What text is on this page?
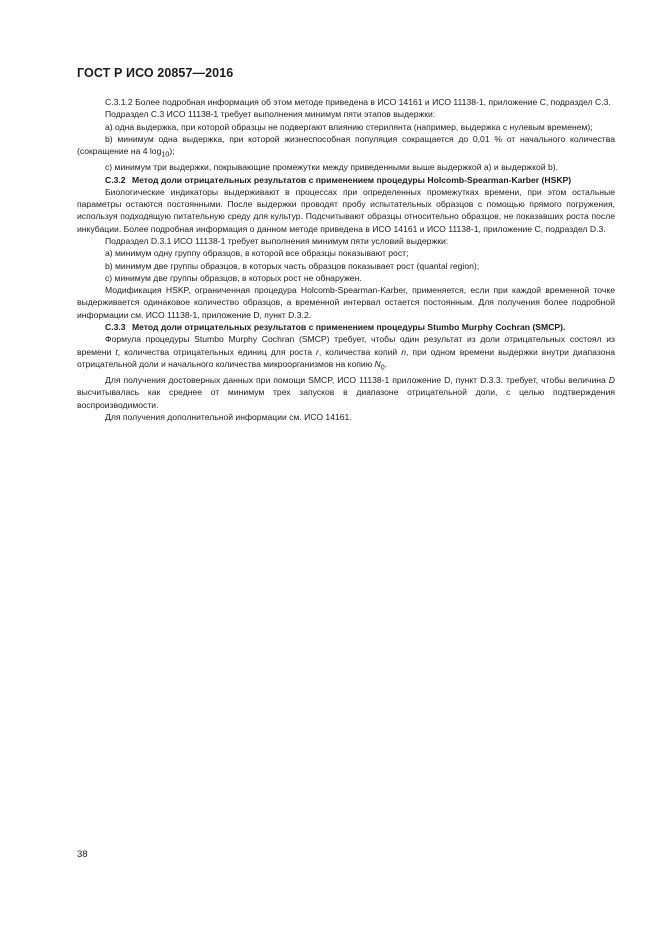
ГОСТ Р ИСО 20857—2016

C.3.1.2 Более подробная информация об этом методе приведена в ИСО 14161 и ИСО 11138-1, приложение С, подраздел С.3.

Подраздел С.3 ИСО 11138-1 требует выполнения минимум пяти этапов выдержки:

a) одна выдержка, при которой образцы не подвергают влиянию стерилянта (например, выдержка с нулевым временем);

b) минимум одна выдержка, при которой жизнеспособная популяция сокращается до 0,01 % от начального количества (сокращение на 4 $\log_{10}$);

c) минимум три выдержки, покрывающие промежутки между приведенными выше выдержкой а) и выдержкой b).

C.3.2 Метод доли отрицательных результатов с применением процедуры Holcomb-Spearman-Karber (HSKP)

Биологические индикаторы выдерживают в процессах при определенных промежутках времени, при этом остальные параметры остаются постоянными. После выдержки проводят пробу испытательных образцов с помощью прямого погружения, используя подходящую питательную среду для культур. Подсчитывают образцы относительно образцов, не показавших роста после инкубации. Более подробная информация о данном методе приведена в ИСО 14161 и ИСО 11138-1, приложение С, подраздел D.3.

Подраздел D.3.1 ИСО 11138-1 требует выполнения минимум пяти условий выдержки:

a) минимум одну группу образцов, в которой все образцы показывают рост;

b) минимум две группы образцов, в которых часть образцов показывает рост (quantal region);

c) минимум две группы образцов, в которых рост не обнаружен.

Модификация HSKP, ограниченная процедура Holcomb-Spearman-Karber, применяется, если при каждой временной точке выдерживается одинаковое количество образцов, а временной интервал остается постоянным. Для получения более подробной информации см. ИСО 11138-1, приложение D, пункт D.3.2.

C.3.3 Метод доли отрицательных результатов с применением процедуры Stumbo Murphy Cochran (SMCP).

Формула процедуры Stumbo Murphy Cochran (SMCP) требует, чтобы один результат из доли отрицательных состоял из времени t, количества отрицательных единиц для роста r, количества копий n, при одном времени выдержки внутри диапазона отрицательной доли и начального количества микроорганизмов на копию $N_0$.

Для получения достоверных данных при помощи SMCP, ИСО 11138-1 приложение D, пункт D.3.3. требует, чтобы величина D высчитывалась как среднее от минимум трех запусков в диапазоне отрицательной доли, с целью подтверждения воспроизводимости.

Для получения дополнительной информации см. ИСО 14161.

38
